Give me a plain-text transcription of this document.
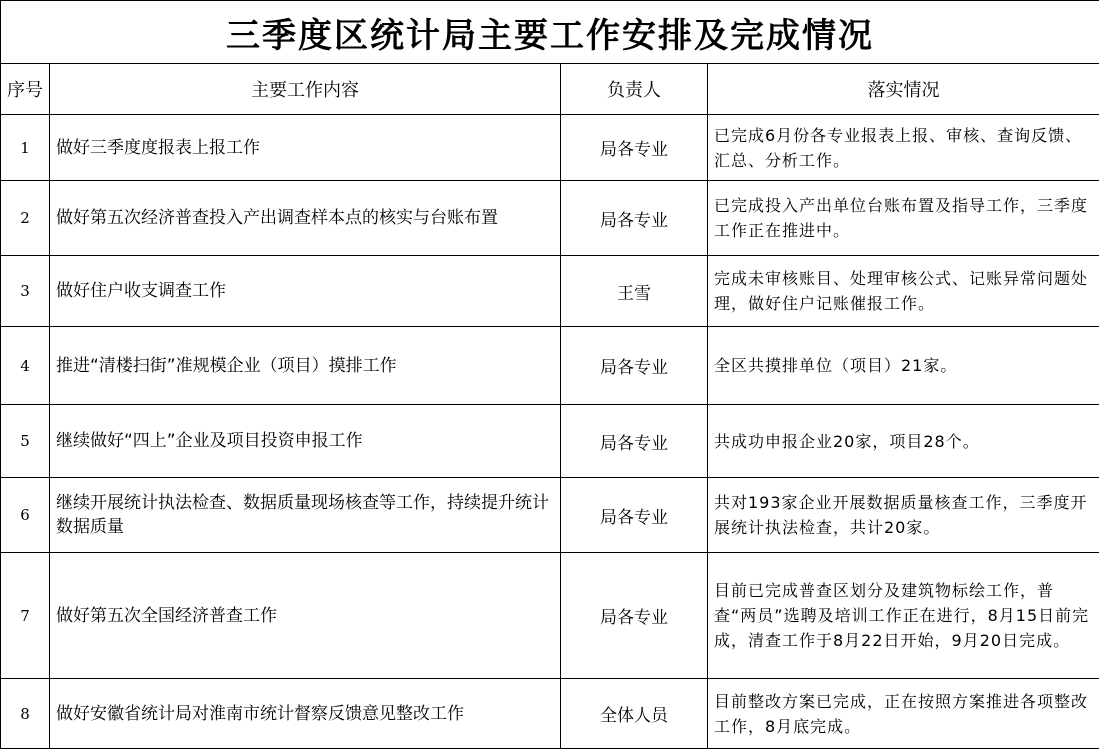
三季度区统计局主要工作安排及完成情况			
序号	主要工作内容	负责人	落实情况
1	做好三季度度报表上报工作	局各专业	已完成6月份各专业报表上报、审核、查询反馈、汇总、分析工作。
2	做好第五次经济普查投入产出调查样本点的核实与台账布置	局各专业	已完成投入产出单位台账布置及指导工作，三季度工作正在推进中。
3	做好住户收支调查工作	王雪	完成未审核账目、处理审核公式、记账异常问题处理，做好住户记账催报工作。
4	推进“清楼扫街”准规模企业（项目）摸排工作	局各专业	全区共摸排单位（项目）21家。
5	继续做好“四上”企业及项目投资申报工作	局各专业	共成功申报企业20家，项目28个。
6	继续开展统计执法检查、数据质量现场核查等工作，持续提升统计数据质量	局各专业	共对193家企业开展数据质量核查工作，三季度开展统计执法检查，共计20家。
7	做好第五次全国经济普查工作	局各专业	目前已完成普查区划分及建筑物标绘工作，普查“两员”选聘及培训工作正在进行，8月15日前完成，清查工作于8月22日开始，9月20日完成。
8	做好安徽省统计局对淮南市统计督察反馈意见整改工作	全体人员	目前整改方案已完成，正在按照方案推进各项整改工作，8月底完成。
